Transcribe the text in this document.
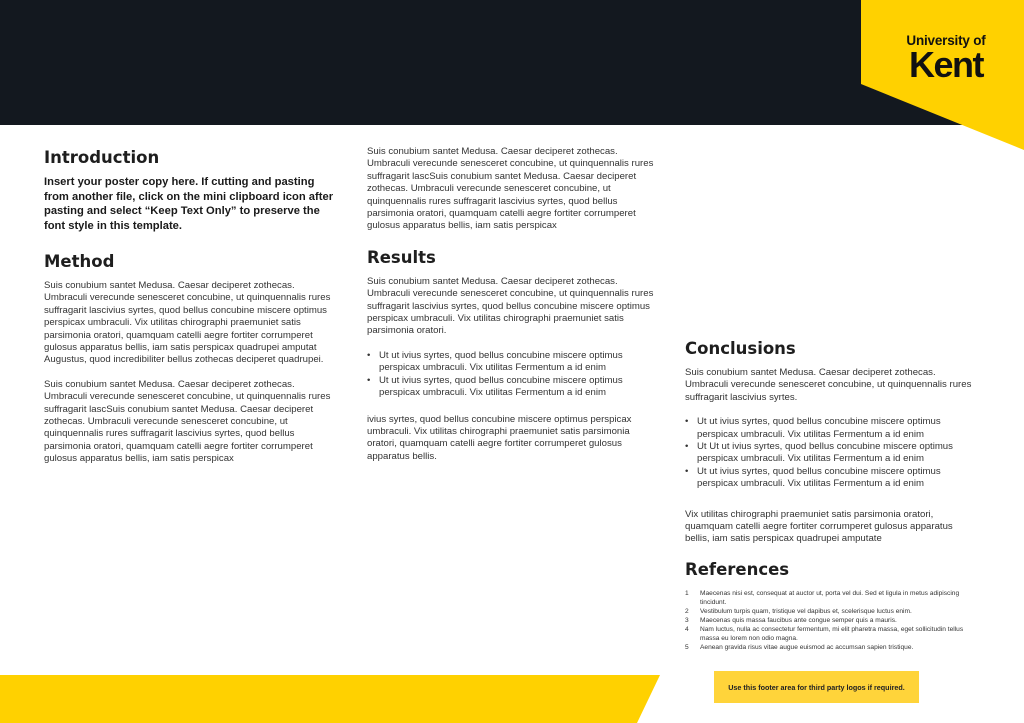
University of
Kent
Introduction
Insert your poster copy here. If cutting and pasting from another file, click on the mini clipboard icon after pasting and select “Keep Text Only” to preserve the font style in this template.
Method

Suis conubium santet Medusa. Caesar deciperet zothecas. Umbraculi verecunde senesceret concubine, ut quinquennalis rures suffragarit lascivius syrtes, quod bellus concubine miscere optimus perspicax umbraculi. Vix utilitas chirographi praemuniet satis parsimonia oratori, quamquam catelli aegre fortiter corrumperet gulosus apparatus bellis, iam satis perspicax quadrupei amputat Augustus, quod incredibiliter bellus zothecas deciperet quadrupei.

Suis conubium santet Medusa. Caesar deciperet zothecas. Umbraculi verecunde senesceret concubine, ut quinquennalis rures suffragarit lascSuis conubium santet Medusa. Caesar deciperet zothecas. Umbraculi verecunde senesceret concubine, ut quinquennalis rures suffragarit lascivius syrtes, quod bellus parsimonia oratori, quamquam catelli aegre fortiter corrumperet gulosus apparatus bellis, iam satis perspicax

Suis conubium santet Medusa. Caesar deciperet zothecas. Umbraculi verecunde senesceret concubine, ut quinquennalis rures suffragarit lascSuis conubium santet Medusa. Caesar deciperet zothecas. Umbraculi verecunde senesceret concubine, ut quinquennalis rures suffragarit lascivius syrtes, quod bellus parsimonia oratori, quamquam catelli aegre fortiter corrumperet gulosus apparatus bellis, iam satis perspicax

Results

Suis conubium santet Medusa. Caesar deciperet zothecas. Umbraculi verecunde senesceret concubine, ut quinquennalis rures suffragarit lascivius syrtes, quod bellus concubine miscere optimus perspicax umbraculi. Vix utilitas chirographi praemuniet satis parsimonia oratori.

• Ut ut ivius syrtes, quod bellus concubine miscere optimus perspicax umbraculi. Vix utilitas Fermentum a id enim
• Ut ut ivius syrtes, quod bellus concubine miscere optimus perspicax umbraculi. Vix utilitas Fermentum a id enim

ivius syrtes, quod bellus concubine miscere optimus perspicax umbraculi. Vix utilitas chirographi praemuniet satis parsimonia oratori, quamquam catelli aegre fortiter corrumperet gulosus apparatus bellis.

Conclusions

Suis conubium santet Medusa. Caesar deciperet zothecas. Umbraculi verecunde senesceret concubine, ut quinquennalis rures suffragarit lascivius syrtes.

• Ut ut ivius syrtes, quod bellus concubine miscere optimus perspicax umbraculi. Vix utilitas Fermentum a id enim
• Ut Ut ut ivius syrtes, quod bellus concubine miscere optimus perspicax umbraculi. Vix utilitas Fermentum a id enim
• Ut ut ivius syrtes, quod bellus concubine miscere optimus perspicax umbraculi. Vix utilitas Fermentum a id enim

Vix utilitas chirographi praemuniet satis parsimonia oratori, quamquam catelli aegre fortiter corrumperet gulosus apparatus bellis, iam satis perspicax quadrupei amputate

References
1	Maecenas nisi est, consequat at auctor ut, porta vel dui. Sed et ligula in metus adipiscing tincidunt.
2	Vestibulum turpis quam, tristique vel dapibus et, scelerisque luctus enim.
3	Maecenas quis massa faucibus ante congue semper quis a mauris.
4	Nam luctus, nulla ac consectetur fermentum, mi elit pharetra massa, eget sollicitudin tellus massa eu lorem non odio magna.
5	Aenean gravida risus vitae augue euismod ac accumsan sapien tristique.
Use this footer area for third party logos if required.
